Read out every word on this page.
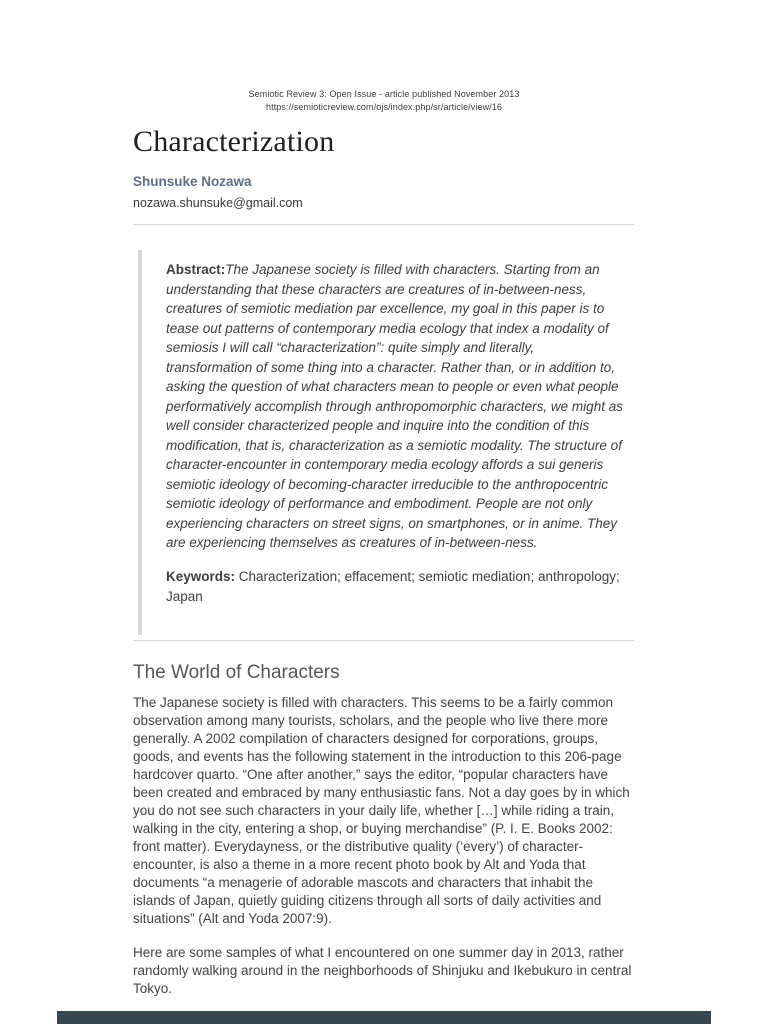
Semiotic Review 3: Open Issue - article published November 2013
https://semioticreview.com/ojs/index.php/sr/article/view/16
Characterization
Shunsuke Nozawa
nozawa.shunsuke@gmail.com

Abstract:The Japanese society is filled with characters. Starting from an understanding that these characters are creatures of in-between-ness, creatures of semiotic mediation par excellence, my goal in this paper is to tease out patterns of contemporary media ecology that index a modality of semiosis I will call “characterization”: quite simply and literally, transformation of some thing into a character. Rather than, or in addition to, asking the question of what characters mean to people or even what people performatively accomplish through anthropomorphic characters, we might as well consider characterized people and inquire into the condition of this modification, that is, characterization as a semiotic modality. The structure of character-encounter in contemporary media ecology affords a sui generis semiotic ideology of becoming-character irreducible to the anthropocentric semiotic ideology of performance and embodiment. People are not only experiencing characters on street signs, on smartphones, or in anime. They are experiencing themselves as creatures of in-between-ness.

Keywords: Characterization; effacement; semiotic mediation; anthropology; Japan

The World of Characters

The Japanese society is filled with characters. This seems to be a fairly common observation among many tourists, scholars, and the people who live there more generally. A 2002 compilation of characters designed for corporations, groups, goods, and events has the following statement in the introduction to this 206-page hardcover quarto. “One after another,” says the editor, “popular characters have been created and embraced by many enthusiastic fans. Not a day goes by in which you do not see such characters in your daily life, whether […] while riding a train, walking in the city, entering a shop, or buying merchandise” (P. I. E. Books 2002: front matter). Everydayness, or the distributive quality (‘every’) of character-encounter, is also a theme in a more recent photo book by Alt and Yoda that documents “a menagerie of adorable mascots and characters that inhabit the islands of Japan, quietly guiding citizens through all sorts of daily activities and situations” (Alt and Yoda 2007:9).

Here are some samples of what I encountered on one summer day in 2013, rather randomly walking around in the neighborhoods of Shinjuku and Ikebukuro in central Tokyo.
